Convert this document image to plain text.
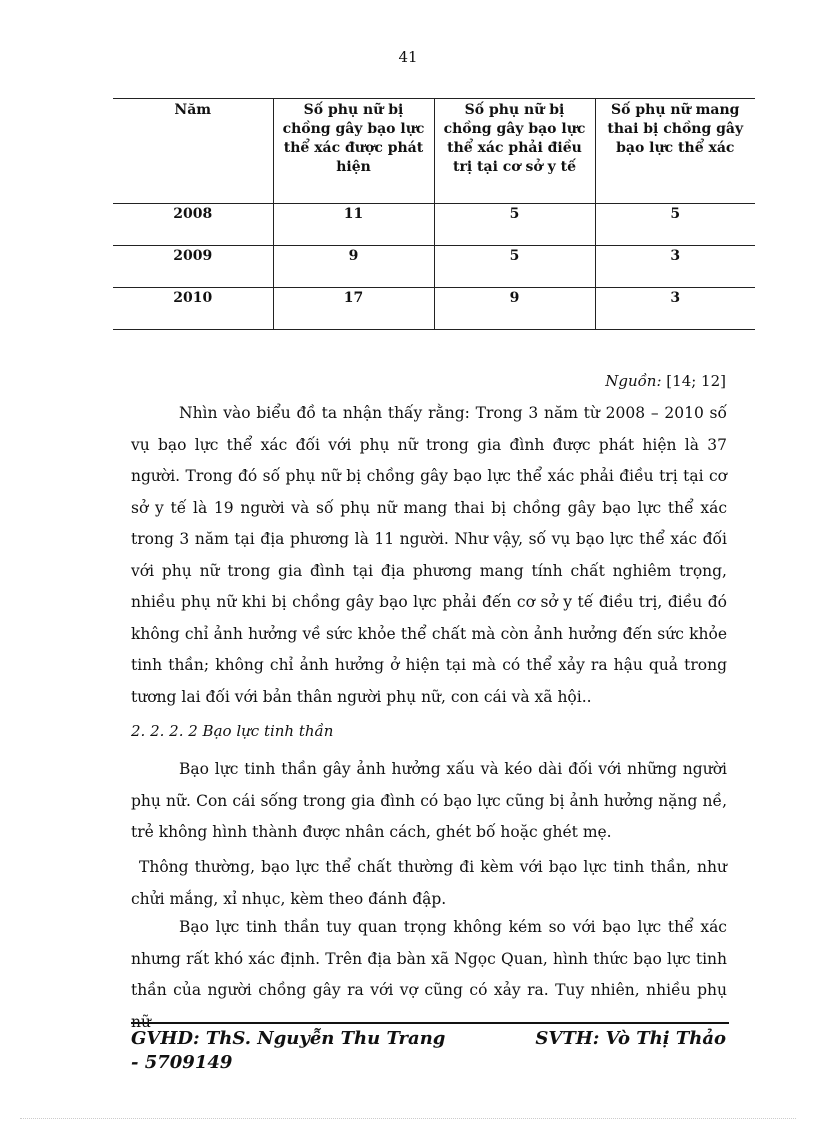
41
Năm	Số phụ nữ bị chồng gây bạo lực thể xác được phát hiện	Số phụ nữ bị chồng gây bạo lực thể xác phải điều trị tại cơ sở y tế	Số phụ nữ mang thai bị chồng gây bạo lực thể xác
2008	11	5	5
2009	9	5	3
2010	17	9	3
Nguồn: [14; 12]

Nhìn vào biểu đồ ta nhận thấy rằng: Trong 3 năm từ 2008 – 2010 số vụ bạo lực thể xác đối với phụ nữ trong gia đình được phát hiện là 37 người. Trong đó số phụ nữ bị chồng gây bạo lực thể xác phải điều trị tại cơ sở y tế là 19 người và số phụ nữ mang thai bị chồng gây bạo lực thể xác trong 3 năm tại địa phương là 11 người. Như vậy, số vụ bạo lực thể xác đối với phụ nữ trong gia đình tại địa phương mang tính chất nghiêm trọng, nhiều phụ nữ khi bị chồng gây bạo lực phải đến cơ sở y tế điều trị, điều đó không chỉ ảnh hưởng về sức khỏe thể chất mà còn ảnh hưởng đến sức khỏe tinh thần; không chỉ ảnh hưởng ở hiện tại mà có thể xảy ra hậu quả trong tương lai đối với bản thân người phụ nữ, con cái và xã hội..

2. 2. 2. 2 Bạo lực tinh thần

Bạo lực tinh thần gây ảnh hưởng xấu và kéo dài đối với những người phụ nữ. Con cái sống trong gia đình có bạo lực cũng bị ảnh hưởng nặng nề, trẻ không hình thành được nhân cách, ghét bố hoặc ghét mẹ.

Thông thường, bạo lực thể chất thường đi kèm với bạo lực tinh thần, như chửi mắng, xỉ nhục, kèm theo đánh đập.

Bạo lực tinh thần tuy quan trọng không kém so với bạo lực thể xác nhưng rất khó xác định. Trên địa bàn xã Ngọc Quan, hình thức bạo lực tinh thần của người chồng gây ra với vợ cũng có xảy ra. Tuy nhiên, nhiều phụ nữ

GVHD: ThS. Nguyễn Thu Trang
- 5709149
SVTH: Vò Thị Thảo
